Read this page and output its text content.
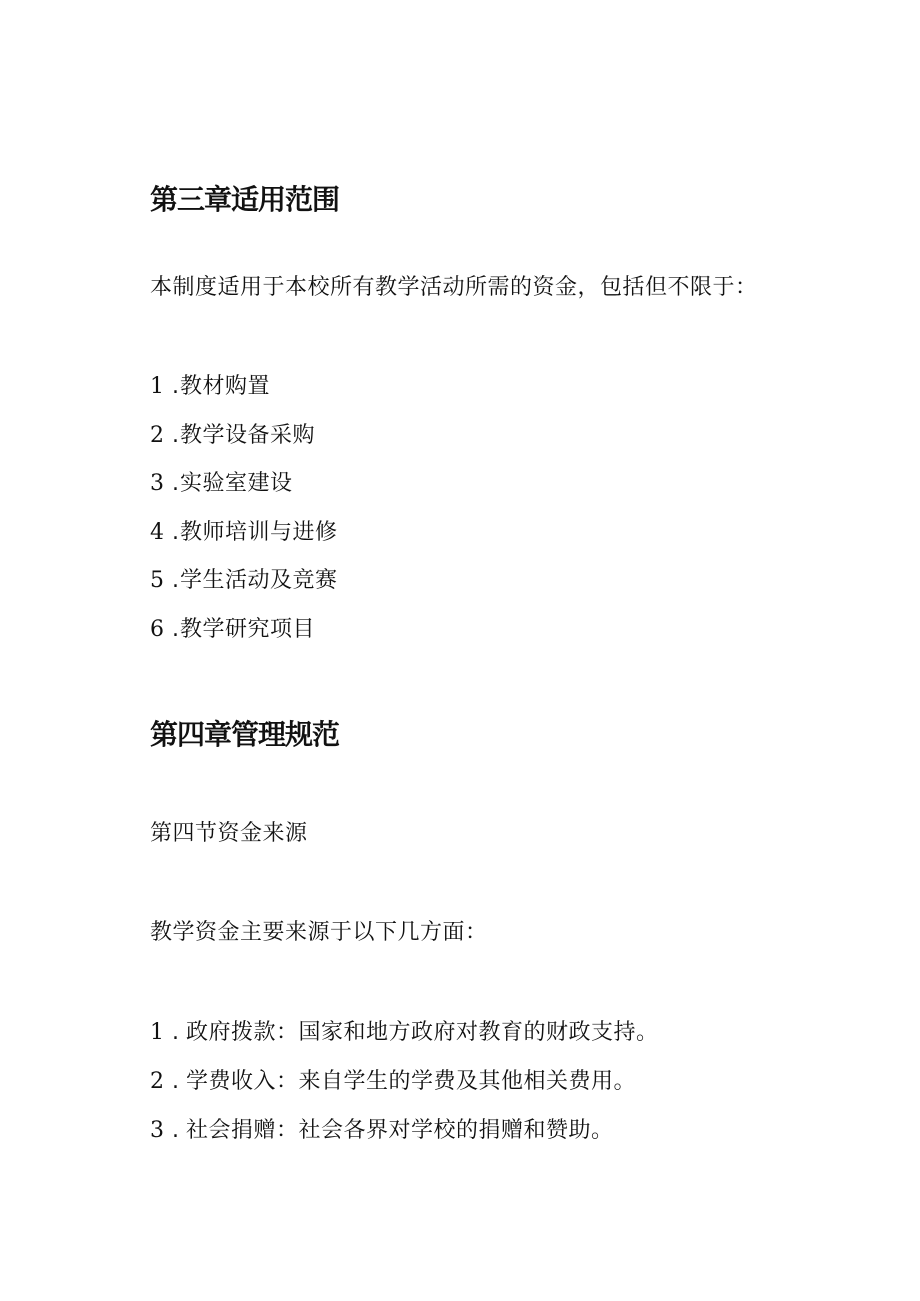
第三章适用范围

本制度适用于本校所有教学活动所需的资金，包括但不限于：

1 . 教材购置
2 . 教学设备采购
3 . 实验室建设
4 . 教师培训与进修
5 . 学生活动及竞赛
6 . 教学研究项目
第四章管理规范

第四节资金来源

教学资金主要来源于以下几方面：

1 . 政府拨款：国家和地方政府对教育的财政支持。
2 . 学费收入：来自学生的学费及其他相关费用。
3 . 社会捐赠：社会各界对学校的捐赠和赞助。
